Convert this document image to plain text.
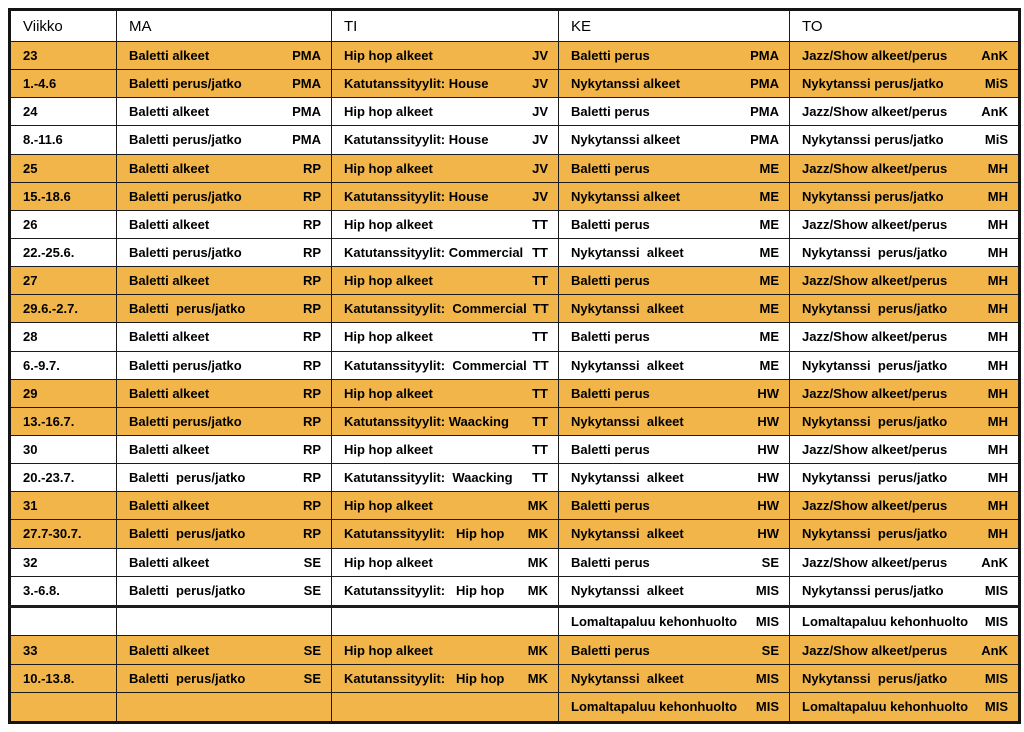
Viikko	MA	TI	KE	TO
23	Baletti alkeet PMA	Hip hop alkeet JV	Baletti perus PMA	Jazz/Show alkeet/perus AnK

1.-4.6	Baletti perus/jatko PMA	Katutanssityylit: House JV	Nykytanssi alkeet PMA	Nykytanssi perus/jatko MiS

24	Baletti alkeet PMA	Hip hop alkeet JV	Baletti perus PMA	Jazz/Show alkeet/perus AnK

8.-11.6	Baletti perus/jatko PMA	Katutanssityylit: House JV	Nykytanssi alkeet PMA	Nykytanssi perus/jatko MiS

25	Baletti alkeet RP	Hip hop alkeet JV	Baletti perus ME	Jazz/Show alkeet/perus MH

15.-18.6	Baletti perus/jatko RP	Katutanssityylit: House JV	Nykytanssi alkeet ME	Nykytanssi perus/jatko MH

26	Baletti alkeet RP	Hip hop alkeet TT	Baletti perus ME	Jazz/Show alkeet/perus MH

22.-25.6.	Baletti perus/jatko RP	Katutanssityylit: Commercial TT	Nykytanssi  alkeet ME	Nykytanssi  perus/jatko MH

27	Baletti alkeet RP	Hip hop alkeet TT	Baletti perus ME	Jazz/Show alkeet/perus MH

29.6.-2.7.	Baletti  perus/jatko RP	Katutanssityylit:  Commercial TT	Nykytanssi  alkeet ME	Nykytanssi  perus/jatko MH

28	Baletti alkeet RP	Hip hop alkeet TT	Baletti perus ME	Jazz/Show alkeet/perus MH

6.-9.7.	Baletti perus/jatko RP	Katutanssityylit:  Commercial TT	Nykytanssi  alkeet ME	Nykytanssi  perus/jatko MH

29	Baletti alkeet RP	Hip hop alkeet TT	Baletti perus HW	Jazz/Show alkeet/perus MH

13.-16.7.	Baletti perus/jatko RP	Katutanssityylit: Waacking TT	Nykytanssi  alkeet HW	Nykytanssi  perus/jatko MH

30	Baletti alkeet RP	Hip hop alkeet TT	Baletti perus HW	Jazz/Show alkeet/perus MH

20.-23.7.	Baletti  perus/jatko RP	Katutanssityylit:  Waacking TT	Nykytanssi  alkeet HW	Nykytanssi  perus/jatko MH

31	Baletti alkeet RP	Hip hop alkeet MK	Baletti perus HW	Jazz/Show alkeet/perus MH

27.7-30.7.	Baletti  perus/jatko RP	Katutanssityylit:   Hip hop MK	Nykytanssi  alkeet HW	Nykytanssi  perus/jatko MH

32	Baletti alkeet SE	Hip hop alkeet MK	Baletti perus SE	Jazz/Show alkeet/perus AnK

3.-6.8.	Baletti  perus/jatko SE	Katutanssityylit:   Hip hop MK	Nykytanssi  alkeet MIS	Nykytanssi perus/jatko MIS

			Lomaltapaluu kehonhuolto MIS	Lomaltapaluu kehonhuolto MIS

33	Baletti alkeet SE	Hip hop alkeet MK	Baletti perus SE	Jazz/Show alkeet/perus AnK

10.-13.8.	Baletti  perus/jatko SE	Katutanssityylit:   Hip hop MK	Nykytanssi  alkeet MIS	Nykytanssi  perus/jatko MIS

			Lomaltapaluu kehonhuolto MIS	Lomaltapaluu kehonhuolto MIS
